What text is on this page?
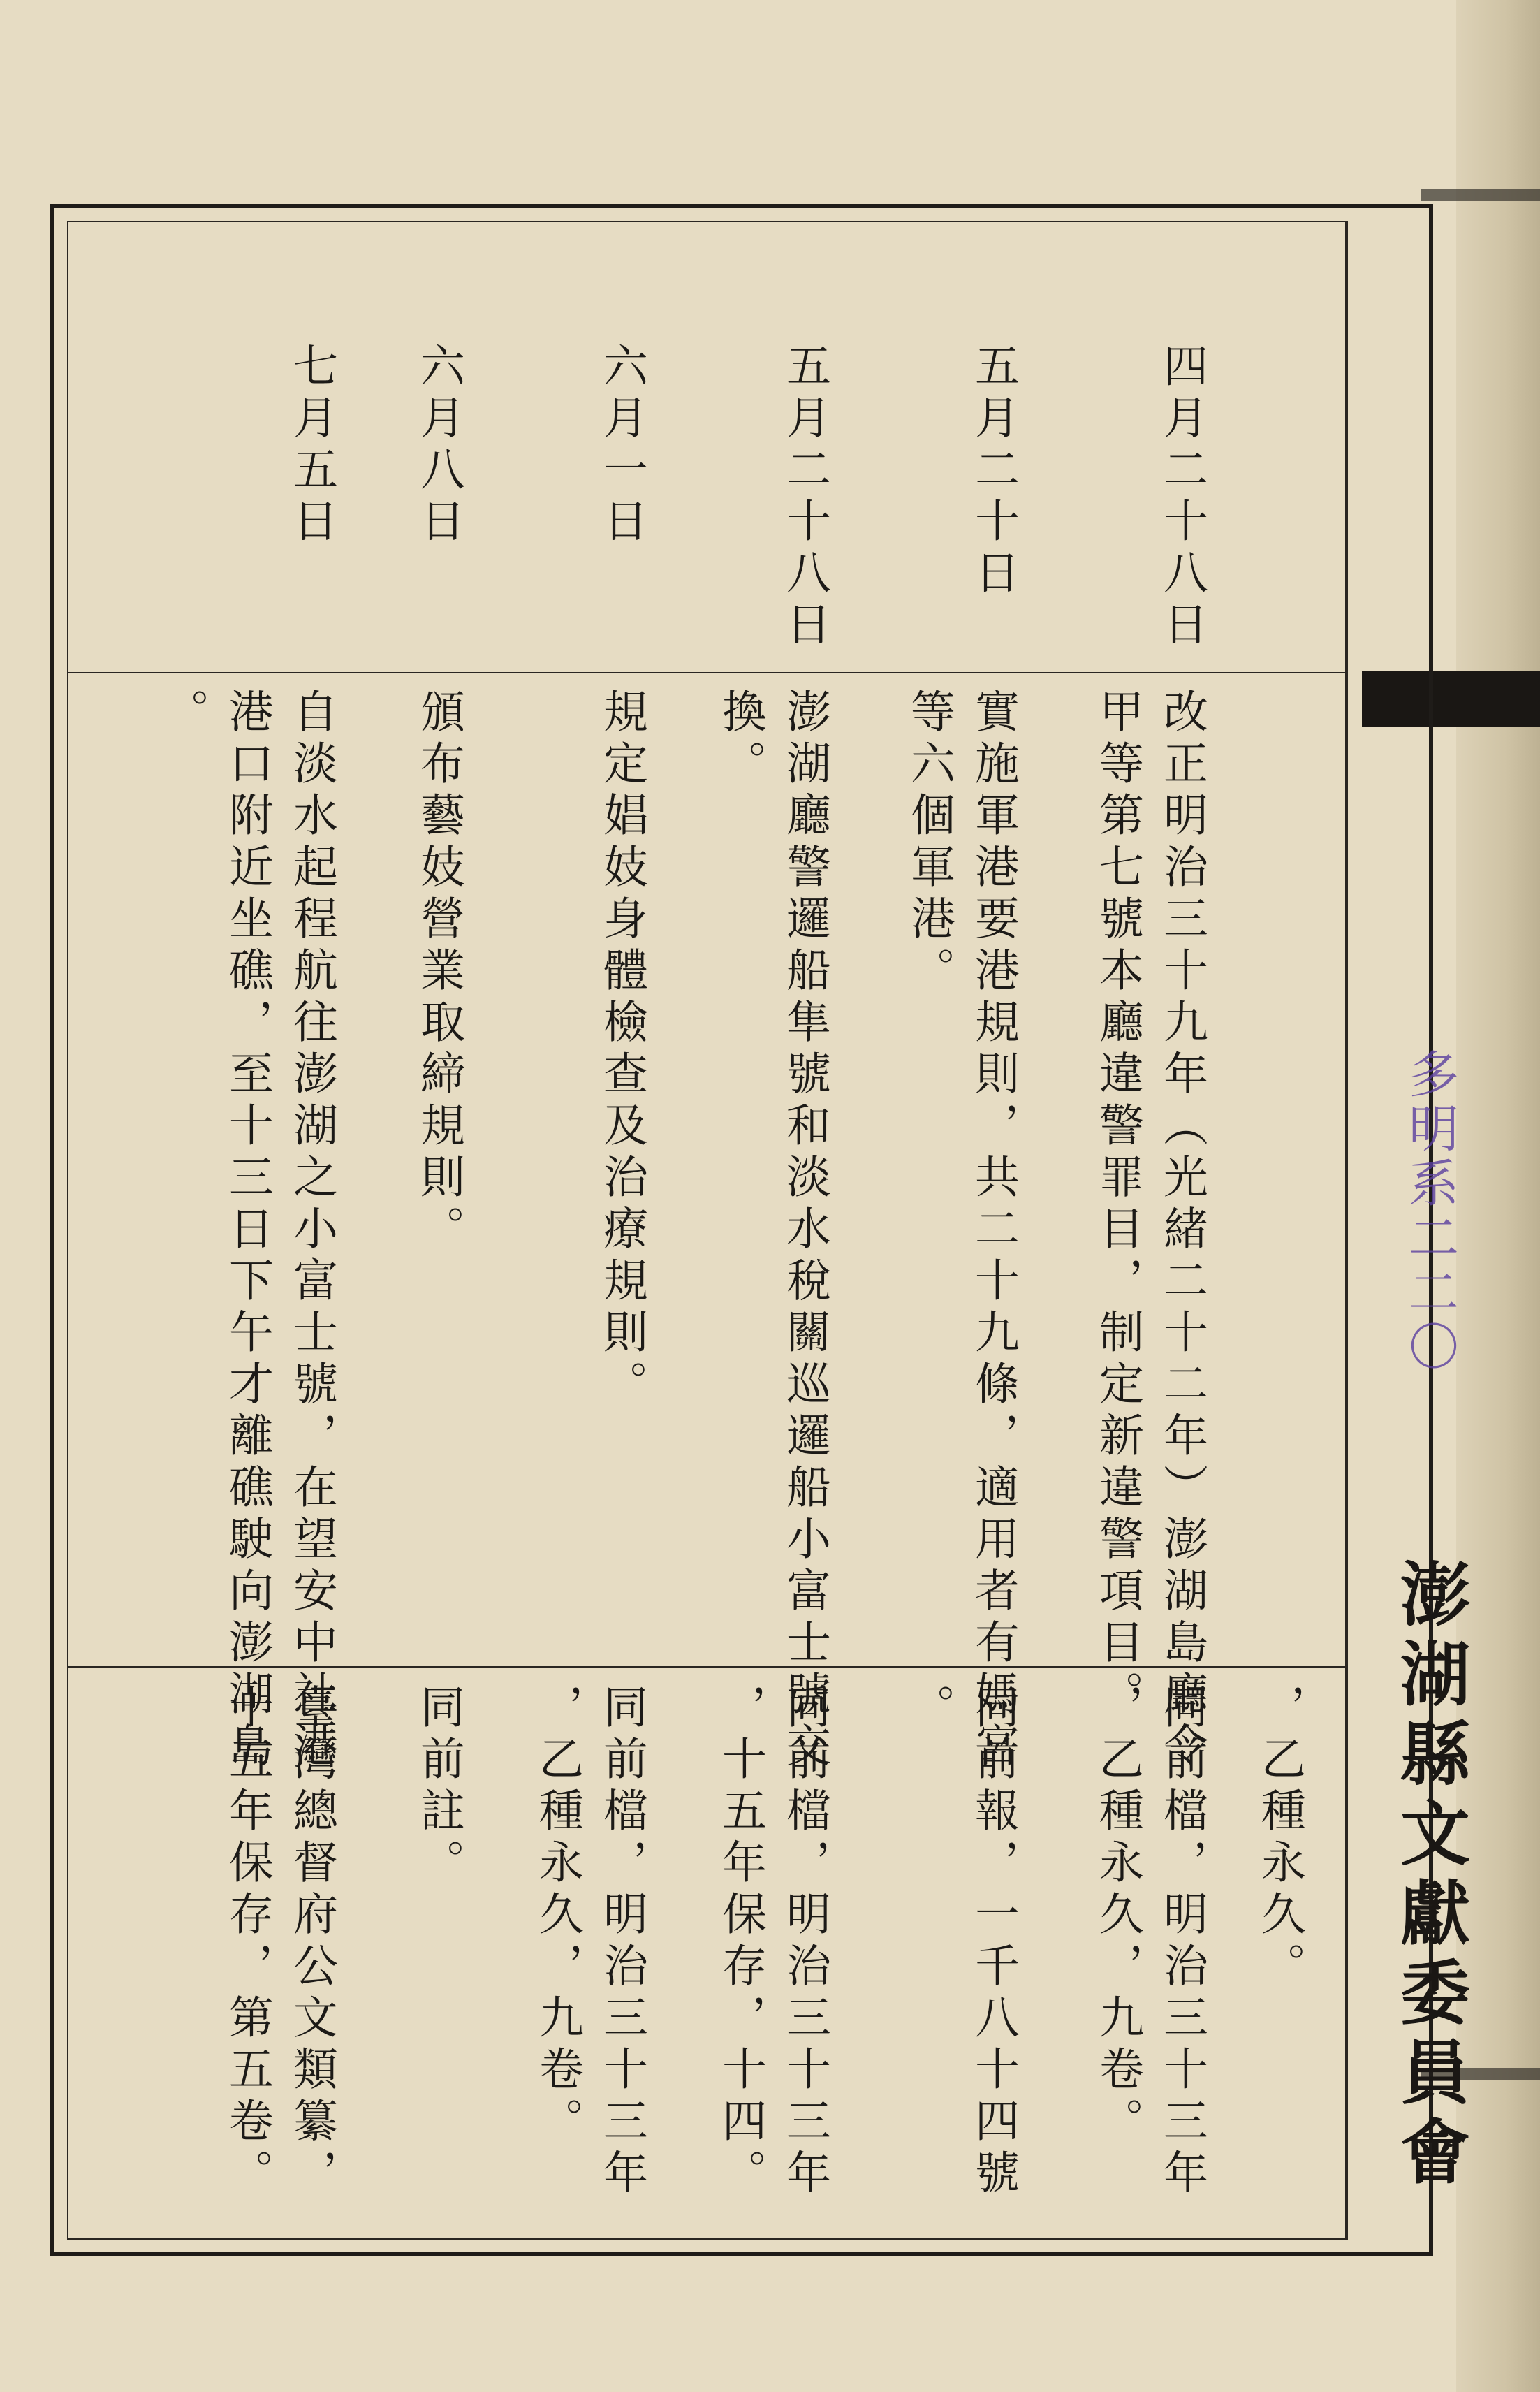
，乙種永久。
四月二十八日
改正明治三十九年（光緒二十二年）澎湖島廳令
甲等第七號本廳違警罪目，制定新違警項目。
同前檔，明治三十三年
，乙種永久，九卷。
五月二十日
實施軍港要港規則，共二十九條，適用者有媽宮
等六個軍港。
同前報，一千八十四號
。
五月二十八日
澎湖廳警邏船隼號和淡水稅關巡邏船小富士號交
換。
同前檔，明治三十三年
，十五年保存，十四。
六月一日
規定娼妓身體檢查及治療規則。
同前檔，明治三十三年
，乙種永久，九卷。
六月八日
頒布藝妓營業取締規則。
同前註。
七月五日
自淡水起程航往澎湖之小富士號，在望安中社港
港口附近坐礁，至十三日下午才離礁駛向澎湖島
。
臺灣總督府公文類纂，
十五年保存，第五卷。	澎湖縣文獻委員會
多明系二二〇
